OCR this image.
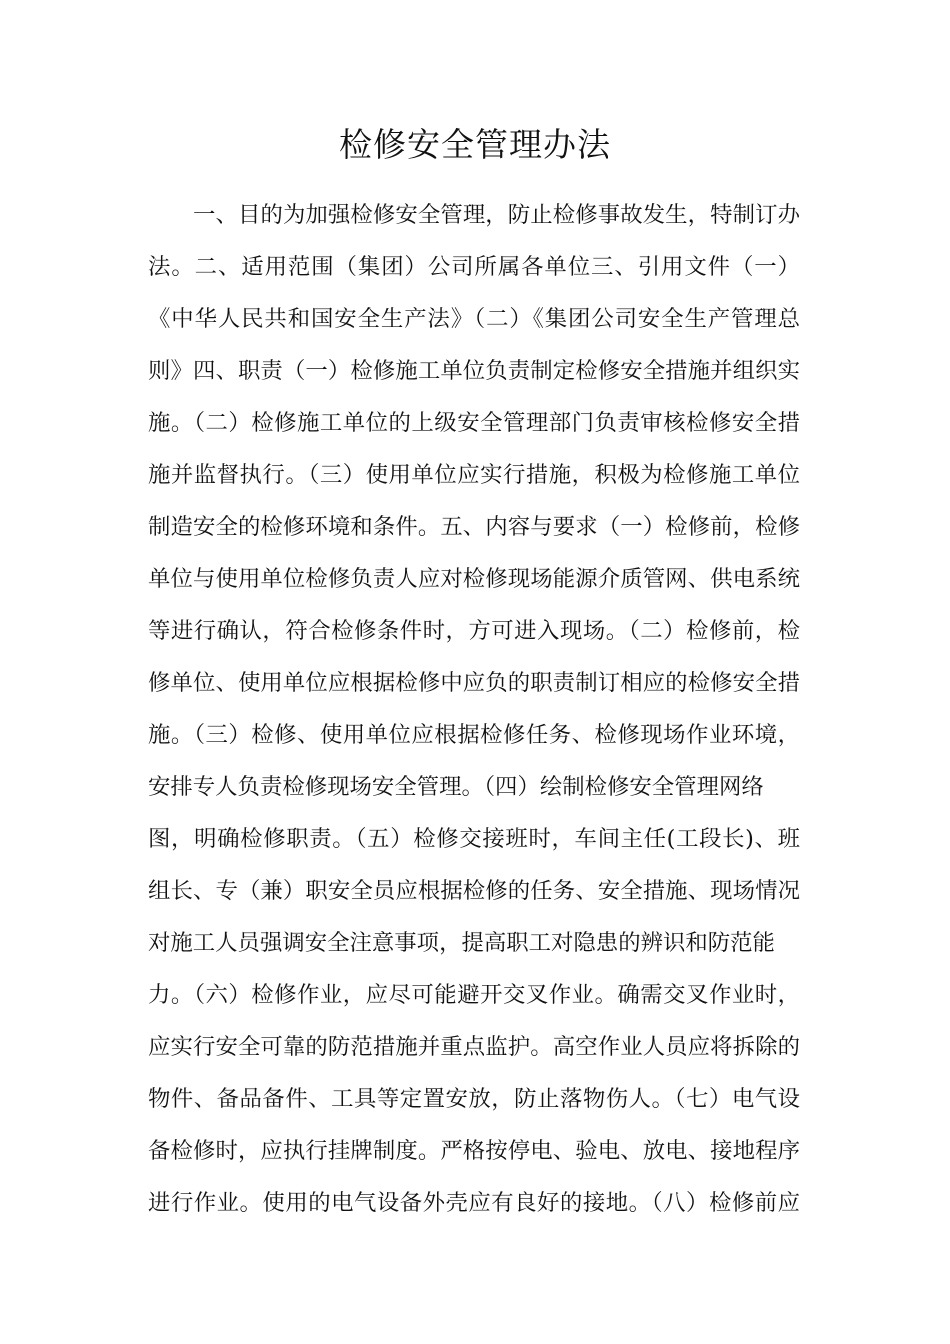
检修安全管理办法
一、目的为加强检修安全管理，防止检修事故发生，特制订办
法。二、适用范围（集团）公司所属各单位三、引用文件（一）
《中华人民共和国安全生产法》（二）《集团公司安全生产管理总
则》四、职责（一）检修施工单位负责制定检修安全措施并组织实
施。（二）检修施工单位的上级安全管理部门负责审核检修安全措
施并监督执行。（三）使用单位应实行措施，积极为检修施工单位
制造安全的检修环境和条件。五、内容与要求（一）检修前，检修
单位与使用单位检修负责人应对检修现场能源介质管网、供电系统
等进行确认，符合检修条件时，方可进入现场。（二）检修前，检
修单位、使用单位应根据检修中应负的职责制订相应的检修安全措
施。（三）检修、使用单位应根据检修任务、检修现场作业环境，
安排专人负责检修现场安全管理。（四）绘制检修安全管理网络
图，明确检修职责。（五）检修交接班时，车间主任(工段长)、班
组长、专（兼）职安全员应根据检修的任务、安全措施、现场情况
对施工人员强调安全注意事项，提高职工对隐患的辨识和防范能
力。（六）检修作业，应尽可能避开交叉作业。确需交叉作业时，
应实行安全可靠的防范措施并重点监护。高空作业人员应将拆除的
物件、备品备件、工具等定置安放，防止落物伤人。（七）电气设
备检修时，应执行挂牌制度。严格按停电、验电、放电、接地程序
进行作业。使用的电气设备外壳应有良好的接地。（八）检修前应
